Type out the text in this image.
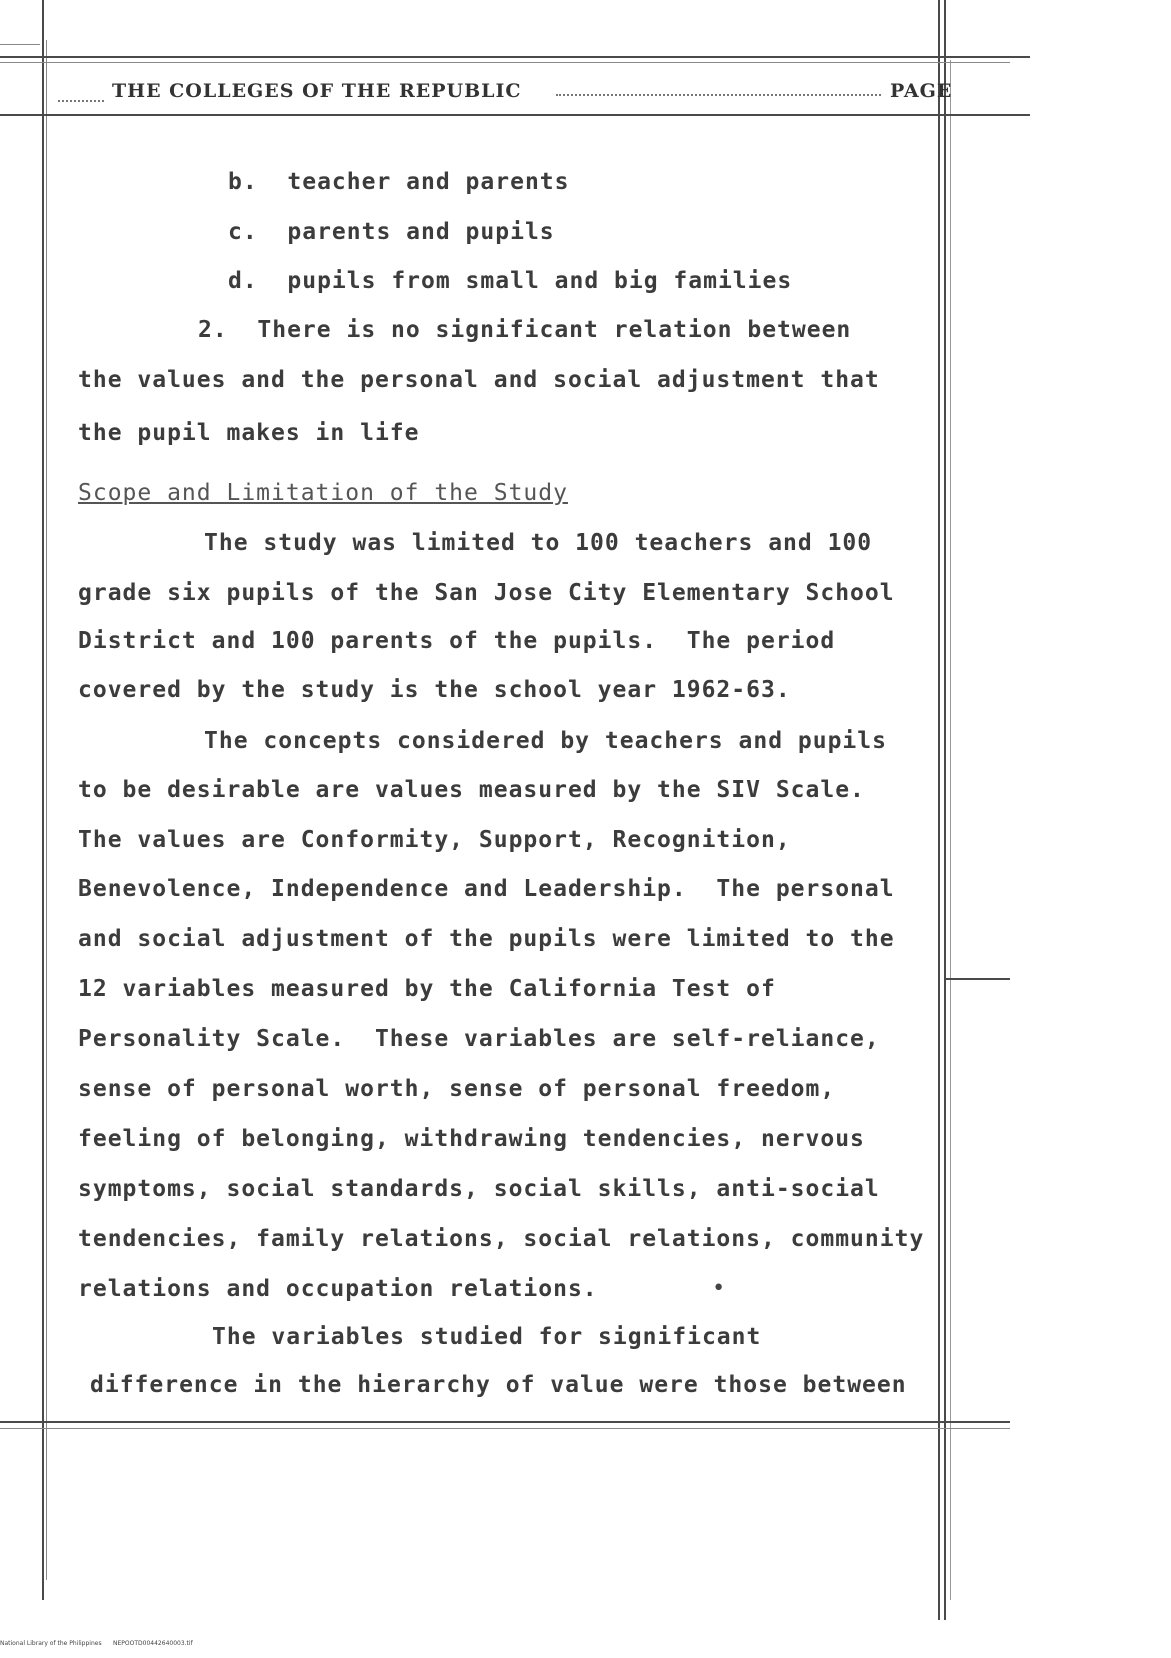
THE COLLEGES OF THE REPUBLIC	PAGE
b.  teacher and parents
c.  parents and pupils
d.  pupils from small and big families
2.  There is no significant relation between
the values and the personal and social adjustment that
the pupil makes in life
Scope and Limitation of the Study
The study was limited to 100 teachers and 100
grade six pupils of the San Jose City Elementary School
District and 100 parents of the pupils.  The period
covered by the study is the school year 1962-63.
The concepts considered by teachers and pupils
to be desirable are values measured by the SIV Scale.
The values are Conformity, Support, Recognition,
Benevolence, Independence and Leadership.  The personal
and social adjustment of the pupils were limited to the
12 variables measured by the California Test of
Personality Scale.  These variables are self-reliance,
sense of personal worth, sense of personal freedom,
feeling of belonging, withdrawing tendencies, nervous
symptoms, social standards, social skills, anti-social
tendencies, family relations, social relations, community
relations and occupation relations.	•
The variables studied for significant
difference in the hierarchy of value were those between
National Library of the Philippines NEPOOTD00442640003.tif
